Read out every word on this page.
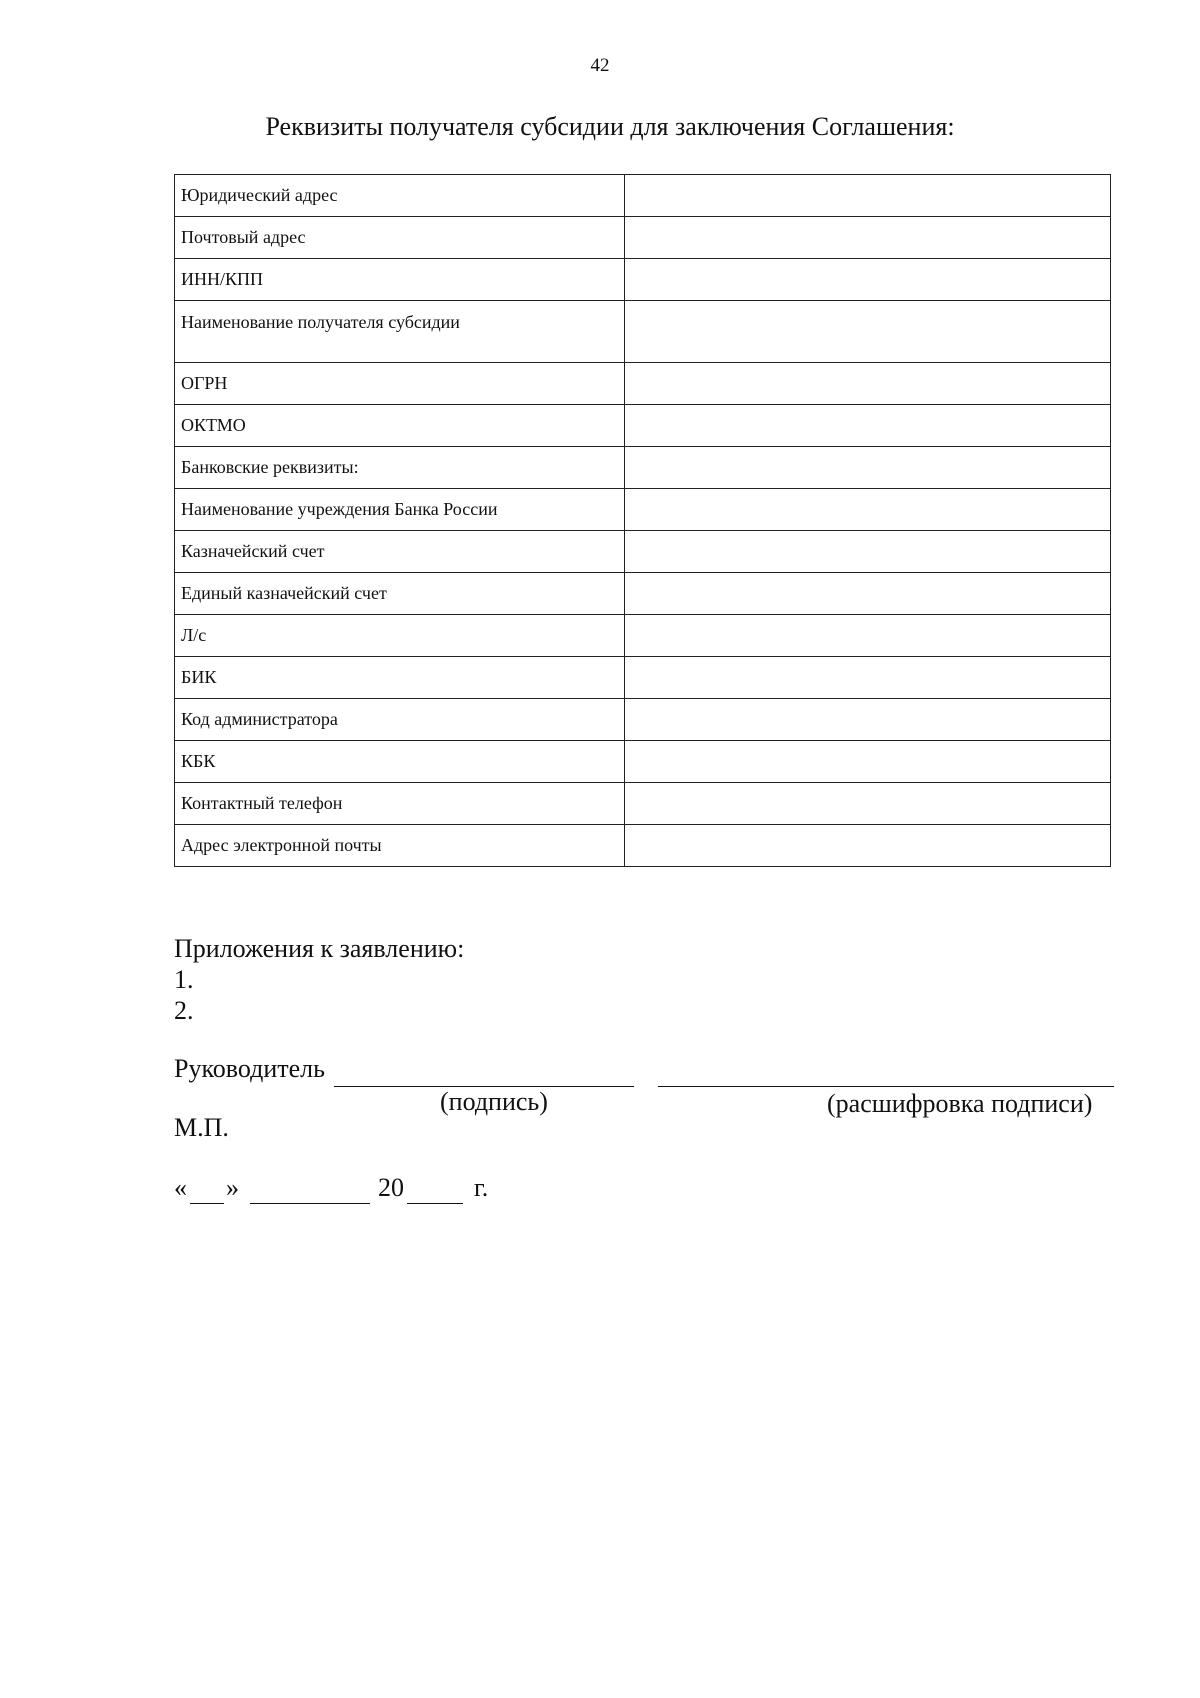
42
Реквизиты получателя субсидии для заключения Соглашения:
Юридический адрес	
Почтовый адрес	
ИНН/КПП	
Наименование получателя субсидии	
ОГРН	
ОКТМО	
Банковские реквизиты:	
Наименование учреждения Банка России	
Казначейский счет	
Единый казначейский счет	
Л/с	
БИК	
Код администратора	
КБК	
Контактный телефон	
Адрес электронной почты	
Приложения к заявлению:
1.
2.
Руководитель
(подпись)	(расшифровка подписи)
М.П.
« »	20	г.
